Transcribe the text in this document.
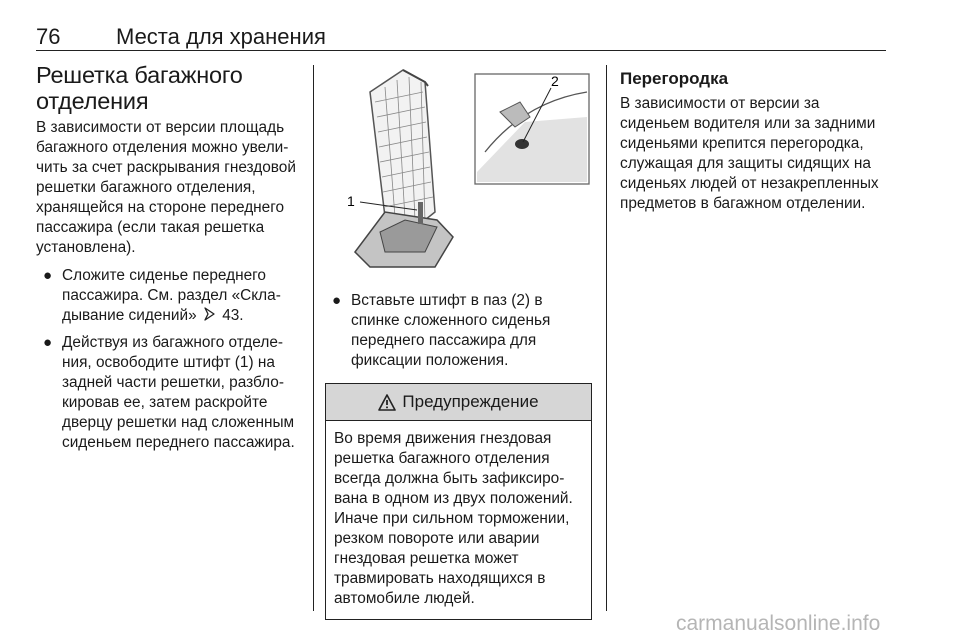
76	Места для хранения
Решетка багажного отделения

В зависимости от версии площадь багажного отделения можно увеличить за счет раскрывания гнездовой решетки багажного отделения, хранящейся на стороне переднего пассажира (если такая решетка установлена).

● Сложите сиденье переднего пассажира. См. раздел «Складывание сидений» 43.
● Действуя из багажного отделения, освободите штифт (1) на задней части решетки, разблокировав ее, затем раскройте дверцу решетки над сложенным сиденьем переднего пассажира.
1
2
● Вставьте штифт в паз (2) в спинке сложенного сиденья переднего пассажира для фиксации положения.
Предупреждение
Во время движения гнездовая решетка багажного отделения всегда должна быть зафиксирована в одном из двух положений. Иначе при сильном торможении, резком повороте или аварии гнездовая решетка может травмировать находящихся в автомобиле людей.
Перегородка

В зависимости от версии за сиденьем водителя или за задними сиденьями крепится перегородка, служащая для защиты сидящих на сиденьях людей от незакрепленных предметов в багажном отделении.

carmanualsonline.info
